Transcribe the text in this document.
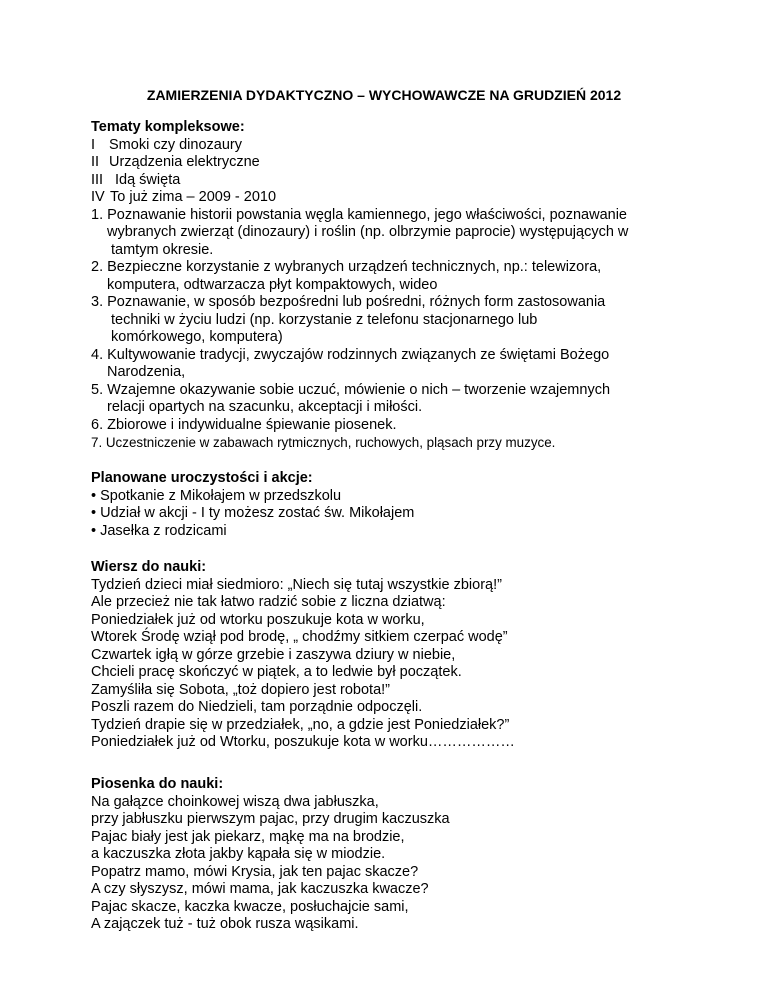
ZAMIERZENIA DYDAKTYCZNO – WYCHOWAWCZE NA GRUDZIEŃ 2012
Tematy kompleksowe:
I Smoki czy dinozaury
II Urządzenia elektryczne
III Idą święta
IV To już zima – 2009 - 2010
1. Poznawanie historii powstania węgla kamiennego, jego właściwości, poznawanie
wybranych zwierząt (dinozaury) i roślin (np. olbrzymie paprocie) występujących w
tamtym okresie.
2. Bezpieczne korzystanie z wybranych urządzeń technicznych, np.: telewizora,
komputera, odtwarzacza płyt kompaktowych, wideo
3. Poznawanie, w sposób bezpośredni lub pośredni, różnych form zastosowania
techniki w życiu ludzi (np. korzystanie z telefonu stacjonarnego lub
komórkowego, komputera)
4. Kultywowanie tradycji, zwyczajów rodzinnych związanych ze świętami Bożego
Narodzenia,
5. Wzajemne okazywanie sobie uczuć, mówienie o nich – tworzenie wzajemnych
relacji opartych na szacunku, akceptacji i miłości.
6. Zbiorowe i indywidualne śpiewanie piosenek.
7. Uczestniczenie w zabawach rytmicznych, ruchowych, pląsach przy muzyce.
Planowane uroczystości i akcje:
• Spotkanie z Mikołajem w przedszkolu
• Udział w akcji - I ty możesz zostać św. Mikołajem
• Jasełka z rodzicami
Wiersz do nauki:
Tydzień dzieci miał siedmioro: „Niech się tutaj wszystkie zbiorą!”
Ale przecież nie tak łatwo radzić sobie z liczna dziatwą:
Poniedziałek już od wtorku poszukuje kota w worku,
Wtorek Środę wziął pod brodę, „ chodźmy sitkiem czerpać wodę”
Czwartek igłą w górze grzebie i zaszywa dziury w niebie,
Chcieli pracę skończyć w piątek, a to ledwie był początek.
Zamyśliła się Sobota, „toż dopiero jest robota!”
Poszli razem do Niedzieli, tam porządnie odpoczęli.
Tydzień drapie się w przedziałek, „no, a gdzie jest Poniedziałek?”
Poniedziałek już od Wtorku, poszukuje kota w worku………………
Piosenka do nauki:
Na gałązce choinkowej wiszą dwa jabłuszka,
przy jabłuszku pierwszym pajac, przy drugim kaczuszka
Pajac biały jest jak piekarz, mąkę ma na brodzie,
a kaczuszka złota jakby kąpała się w miodzie.
Popatrz mamo, mówi Krysia, jak ten pajac skacze?
A czy słyszysz, mówi mama, jak kaczuszka kwacze?
Pajac skacze, kaczka kwacze, posłuchajcie sami,
A zajączek tuż - tuż obok rusza wąsikami.
